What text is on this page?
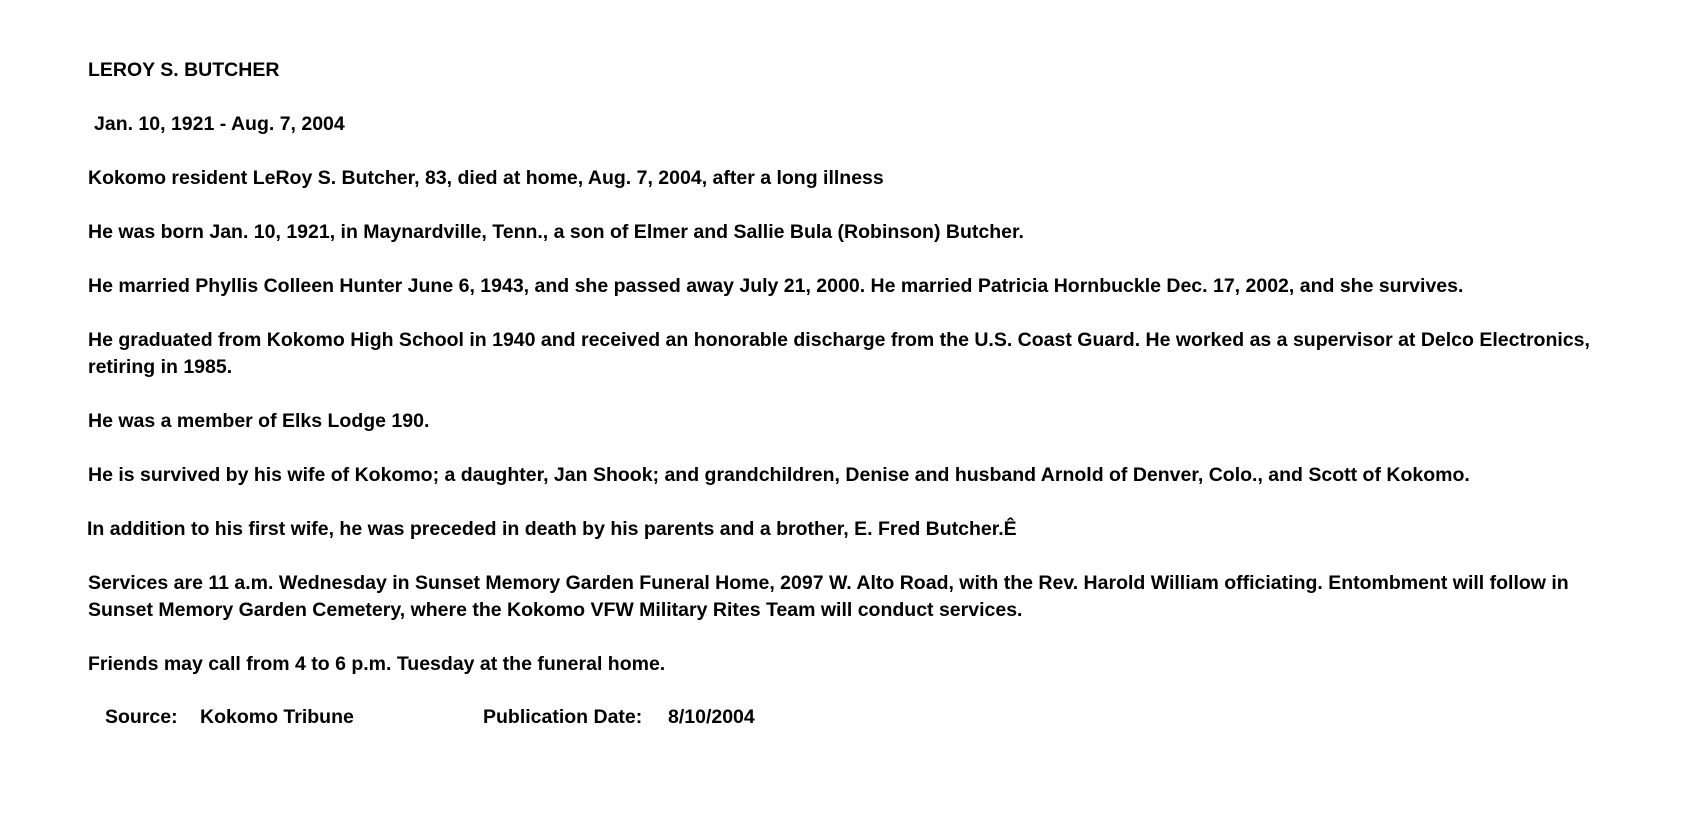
LEROY S. BUTCHER
Jan. 10, 1921 - Aug. 7, 2004
Kokomo resident LeRoy S. Butcher, 83, died at home, Aug. 7, 2004, after a long illness
He was born Jan. 10, 1921, in Maynardville, Tenn., a son of Elmer and Sallie Bula (Robinson) Butcher.
He married Phyllis Colleen Hunter June 6, 1943, and she passed away July 21, 2000. He married Patricia Hornbuckle Dec. 17, 2002, and she survives.
He graduated from Kokomo High School in 1940 and received an honorable discharge from the U.S. Coast Guard. He worked as a supervisor at Delco Electronics, retiring in 1985.
He was a member of Elks Lodge 190.
He is survived by his wife of Kokomo; a daughter, Jan Shook; and grandchildren, Denise and husband Arnold of Denver, Colo., and Scott of Kokomo.
In addition to his first wife, he was preceded in death by his parents and a brother, E. Fred Butcher.Ê
Services are 11 a.m. Wednesday in Sunset Memory Garden Funeral Home, 2097 W. Alto Road, with the Rev. Harold William officiating. Entombment will follow in Sunset Memory Garden Cemetery, where the Kokomo VFW Military Rites Team will conduct services.
Friends may call from 4 to 6 p.m. Tuesday at the funeral home.
Source: Kokomo Tribune	Publication Date: 8/10/2004
